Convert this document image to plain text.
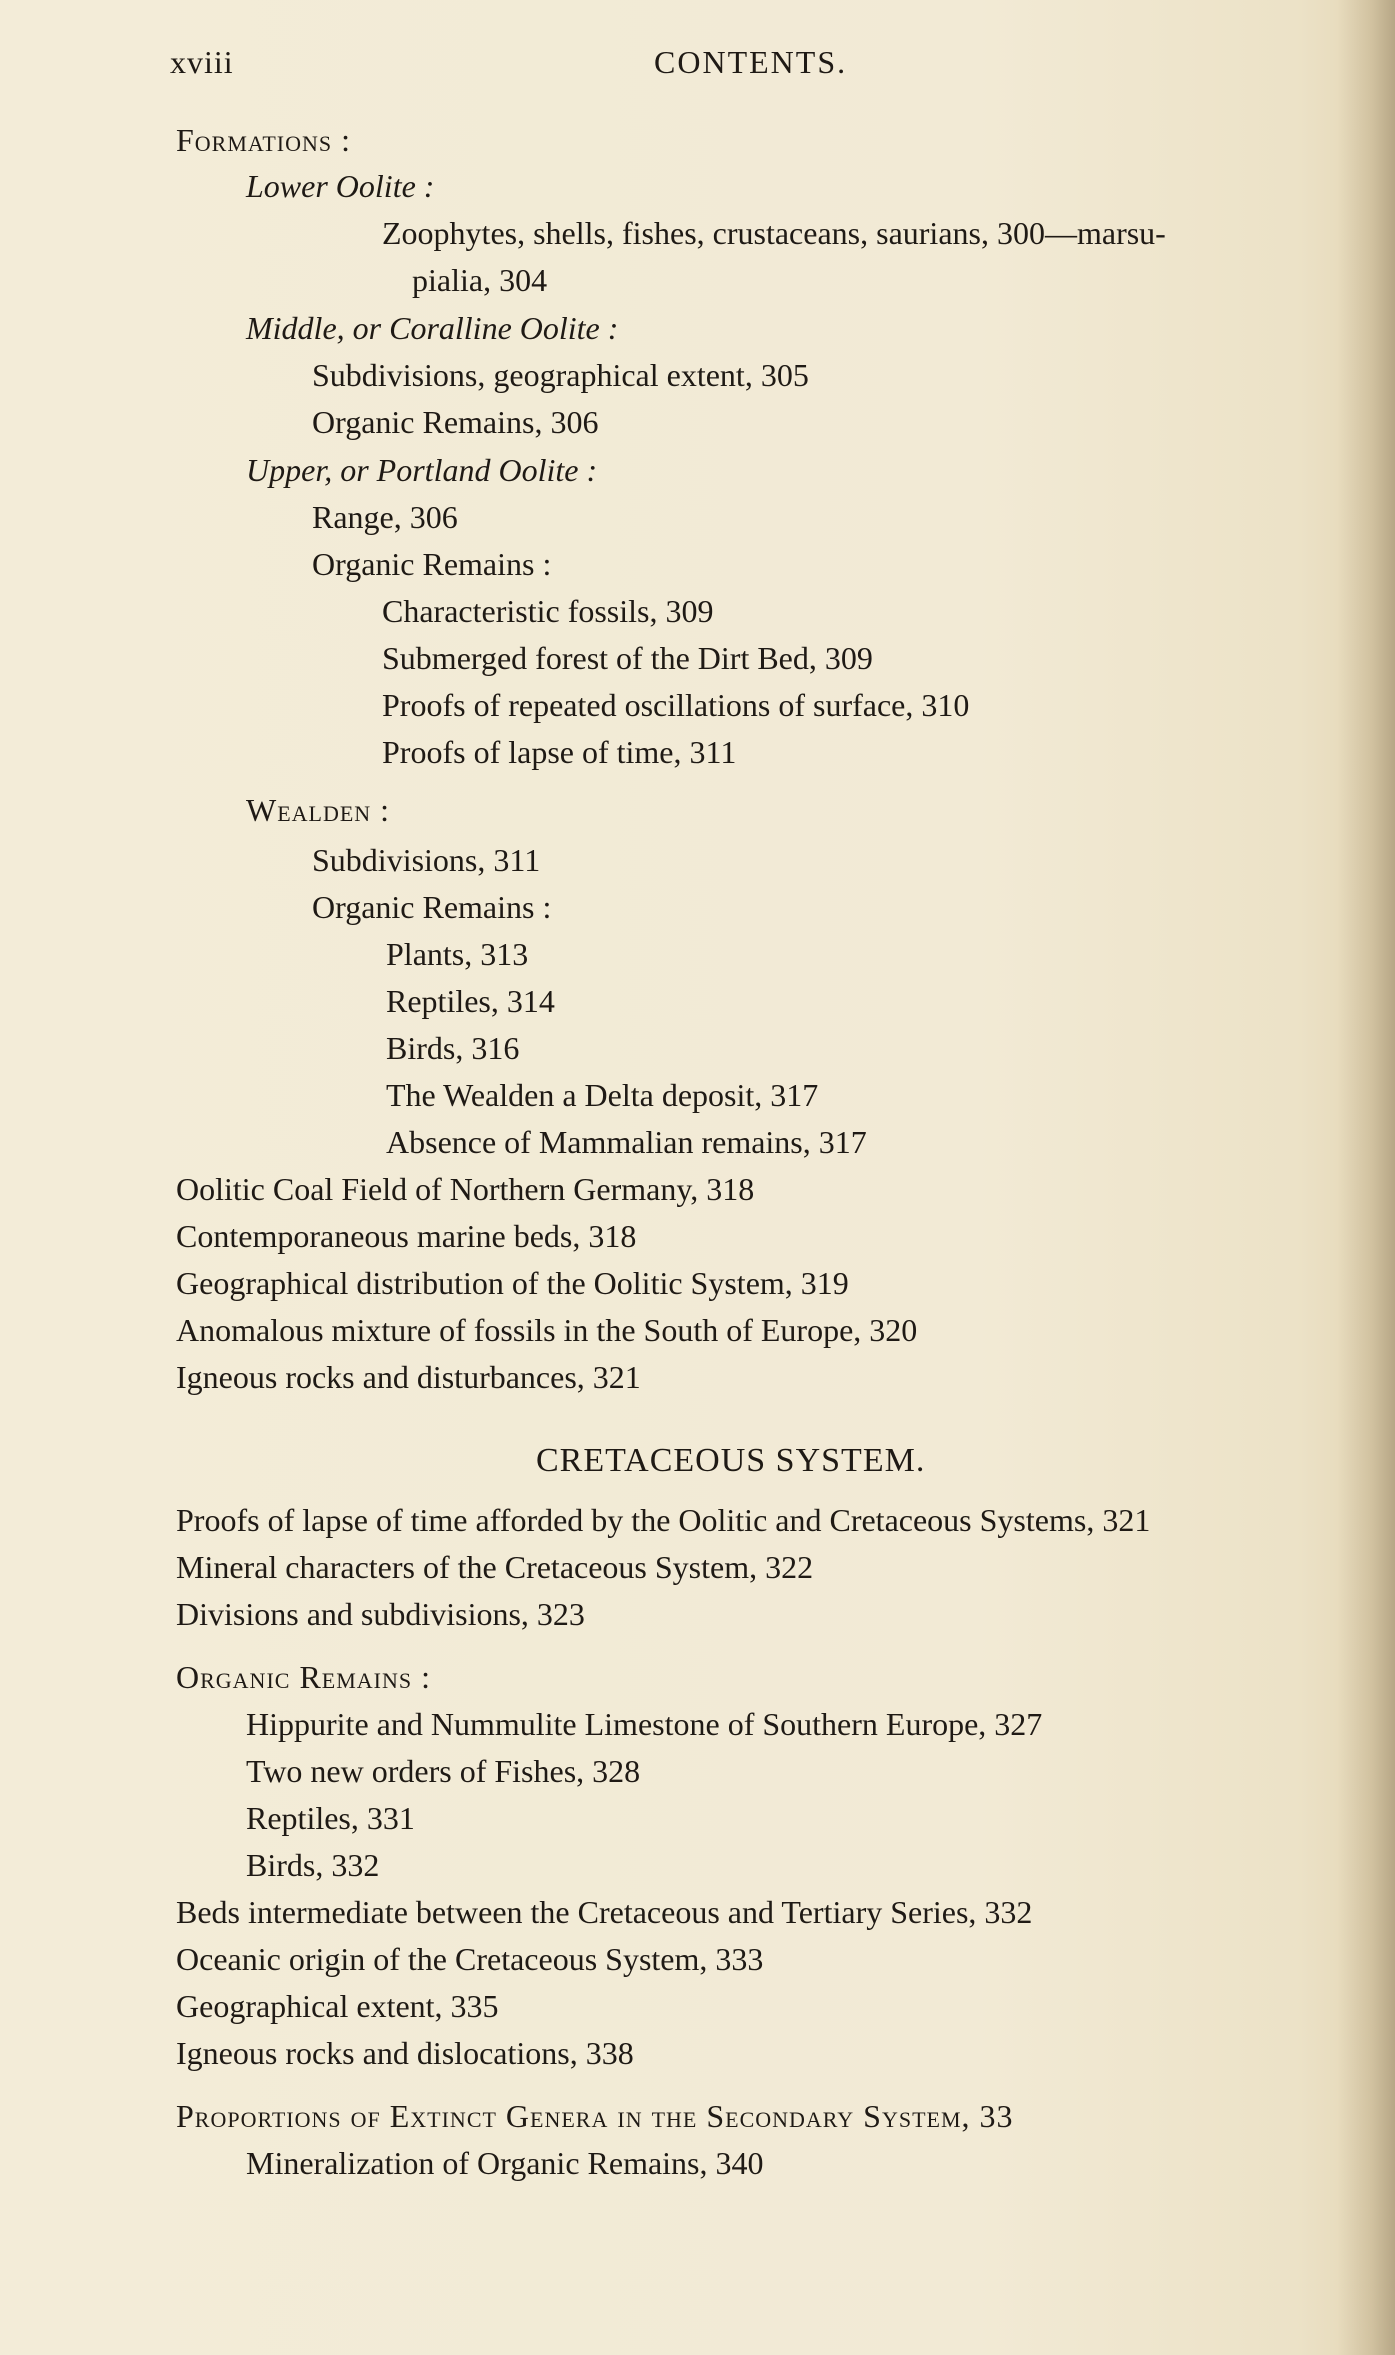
xviii	CONTENTS.
Formations :
Lower Oolite :
Zoophytes, shells, fishes, crustaceans, saurians, 300—marsu-
pialia, 304
Middle, or Coralline Oolite :
Subdivisions, geographical extent, 305
Organic Remains, 306
Upper, or Portland Oolite :
Range, 306
Organic Remains :
Characteristic fossils, 309
Submerged forest of the Dirt Bed, 309
Proofs of repeated oscillations of surface, 310
Proofs of lapse of time, 311
Wealden :
Subdivisions, 311
Organic Remains :
Plants, 313
Reptiles, 314
Birds, 316
The Wealden a Delta deposit, 317
Absence of Mammalian remains, 317
Oolitic Coal Field of Northern Germany, 318
Contemporaneous marine beds, 318
Geographical distribution of the Oolitic System, 319
Anomalous mixture of fossils in the South of Europe, 320
Igneous rocks and disturbances, 321
CRETACEOUS SYSTEM.
Proofs of lapse of time afforded by the Oolitic and Cretaceous Systems, 321
Mineral characters of the Cretaceous System, 322
Divisions and subdivisions, 323
Organic Remains :
Hippurite and Nummulite Limestone of Southern Europe, 327
Two new orders of Fishes, 328
Reptiles, 331
Birds, 332
Beds intermediate between the Cretaceous and Tertiary Series, 332
Oceanic origin of the Cretaceous System, 333
Geographical extent, 335
Igneous rocks and dislocations, 338
Proportions of Extinct Genera in the Secondary System, 33
Mineralization of Organic Remains, 340
